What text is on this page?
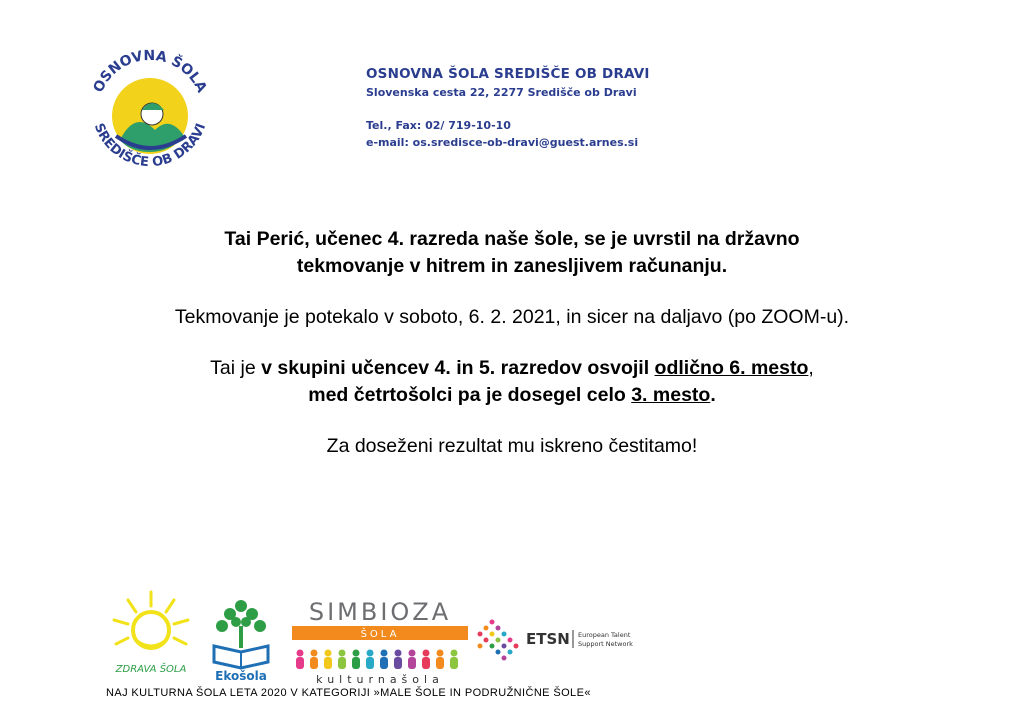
OSNOVNA ŠOLA
SREDIŠČE OB DRAVI
OSNOVNA ŠOLA SREDIŠČE OB DRAVI
Slovenska cesta 22, 2277 Središče ob Dravi
Tel., Fax: 02/ 719-10-10
e-mail: os.sredisce-ob-dravi@guest.arnes.si

Tai Perić, učenec 4. razreda naše šole, se je uvrstil na državno

tekmovanje v hitrem in zanesljivem računanju.

Tekmovanje je potekalo v soboto, 6. 2. 2021, in sicer na daljavo (po ZOOM-u).

Tai je v skupini učencev 4. in 5. razredov osvojil odlično 6. mesto,

med četrtošolci pa je dosegel celo 3. mesto.

Za doseženi rezultat mu iskreno čestitamo!

ZDRAVA ŠOLA Ekošola
SIMBIOZA
ŠOLA
kulturnašola
ETSN European Talent
Support Network
NAJ KULTURNA ŠOLA LETA 2020 V KATEGORIJI »MALE ŠOLE IN PODRUŽNIČNE ŠOLE«
